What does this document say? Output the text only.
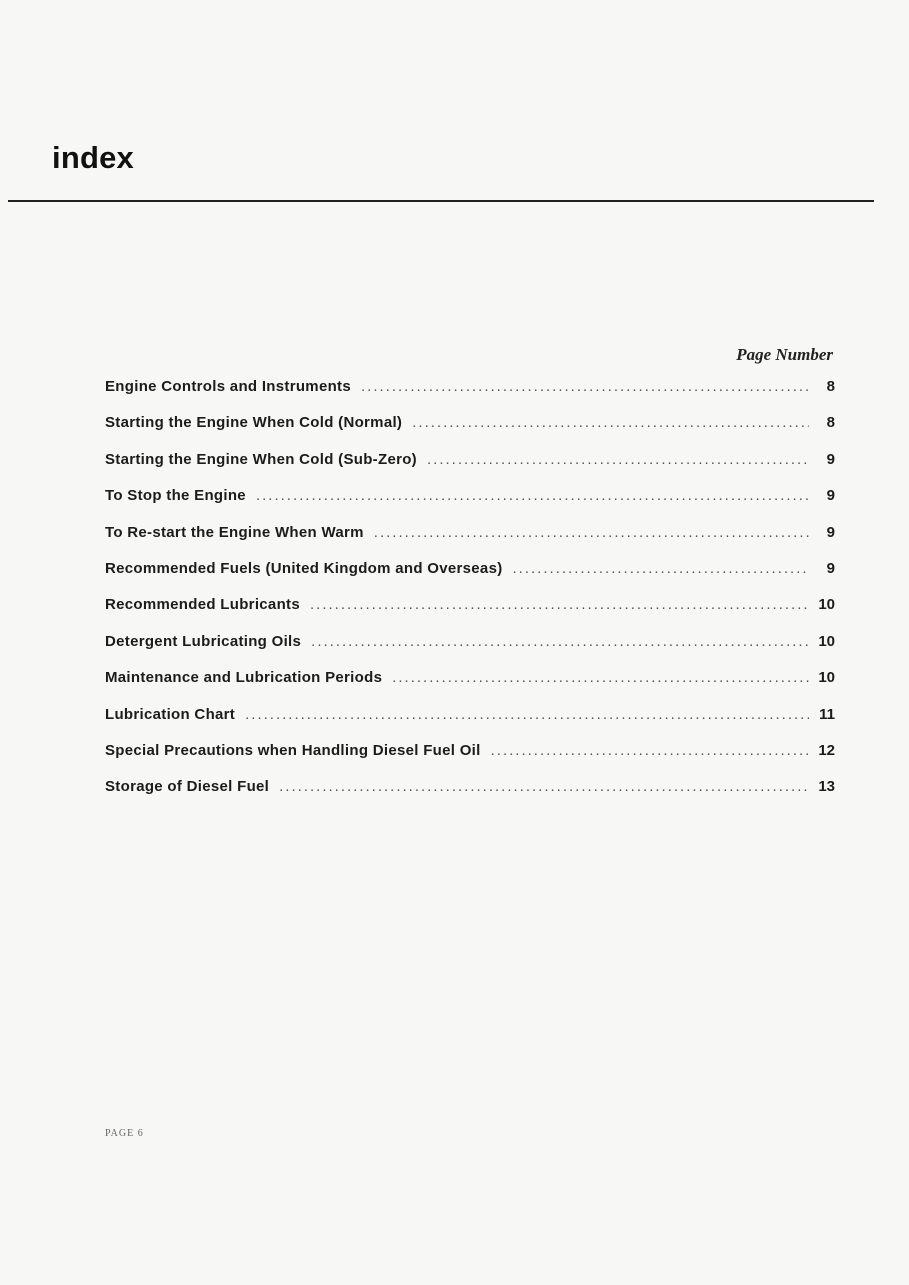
index
Page Number
Engine Controls and Instruments .....	8
Starting the Engine When Cold (Normal) .....	8
Starting the Engine When Cold (Sub-Zero) .....	9
To Stop the Engine .....	9
To Re-start the Engine When Warm .....	9
Recommended Fuels (United Kingdom and Overseas) .....	9
Recommended Lubricants .....	10
Detergent Lubricating Oils .....	10
Maintenance and Lubrication Periods .....	10
Lubrication Chart .....	11
Special Precautions when Handling Diesel Fuel Oil .....	12
Storage of Diesel Fuel .....	13
PAGE 6
